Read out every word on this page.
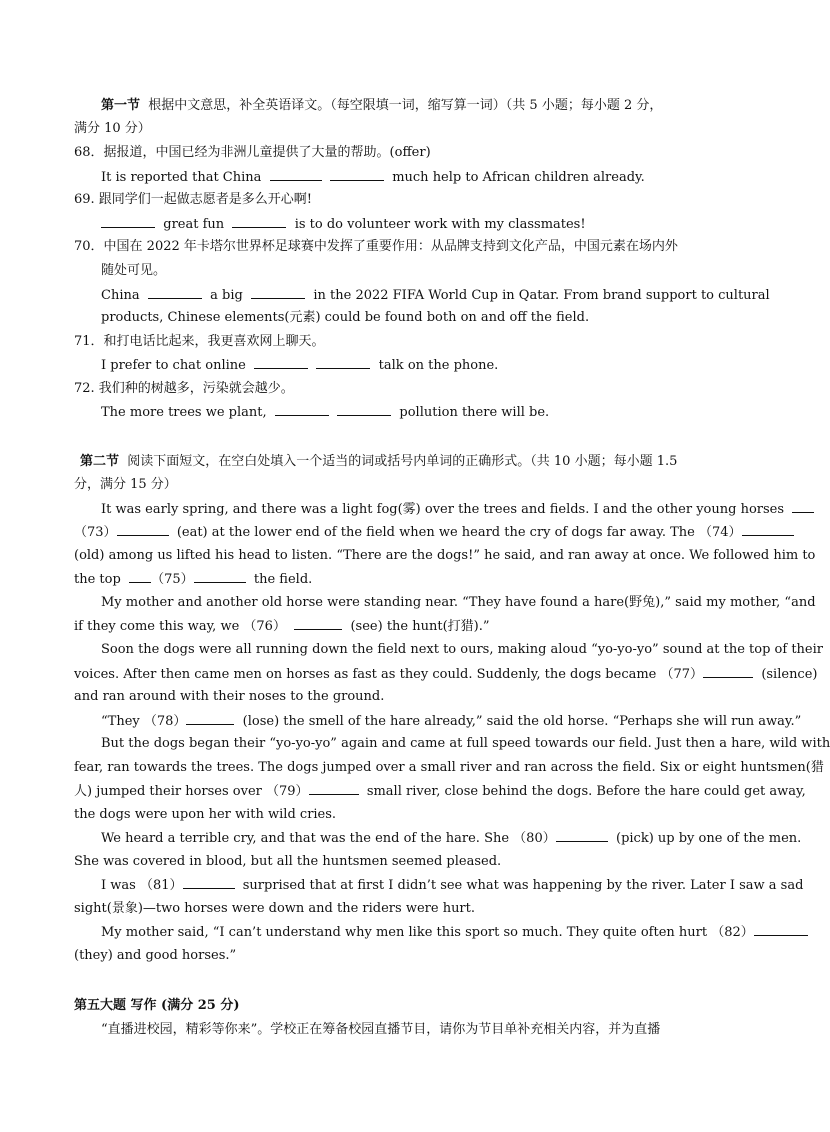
第一节 根据中文意思，补全英语译文。（每空限填一词，缩写算一词）（共 5 小题；每小题 2 分，

满分 10 分）

68．据报道，中国已经为非洲儿童提供了大量的帮助。(offer)

It is reported that China	much help to African children already.

69. 跟同学们一起做志愿者是多么开心啊!

great fun	is to do volunteer work with my classmates!

70．中国在 2022 年卡塔尔世界杯足球赛中发挥了重要作用：从品牌支持到文化产品，中国元素在场内外

随处可见。

China	a big	in the 2022 FIFA World Cup in Qatar. From brand support to cultural

products, Chinese elements(元素) could be found both on and off the field.

71．和打电话比起来，我更喜欢网上聊天。

I prefer to chat online	talk on the phone.

72. 我们种的树越多，污染就会越少。

The more trees we plant,	pollution there will be.

第二节 阅读下面短文，在空白处填入一个适当的词或括号内单词的正确形式。（共 10 小题；每小题 1.5

分，满分 15 分）

It was early spring, and there was a light fog(雾) over the trees and fields. I and the other young horses

（73）	(eat) at the lower end of the field when we heard the cry of dogs far away. The （74）

(old) among us lifted his head to listen. “There are the dogs!” he said, and ran away at once. We followed him to

the top （75）	the field.

My mother and another old horse were standing near. “They have found a hare(野兔),” said my mother, “and

if they come this way, we （76）	(see) the hunt(打猎).”

Soon the dogs were all running down the field next to ours, making aloud “yo-yo-yo” sound at the top of their

voices. After then came men on horses as fast as they could. Suddenly, the dogs became （77）	(silence)

and ran around with their noses to the ground.

“They （78）	(lose) the smell of the hare already,” said the old horse. “Perhaps she will run away.”

But the dogs began their “yo-yo-yo” again and came at full speed towards our field. Just then a hare, wild with

fear, ran towards the trees. The dogs jumped over a small river and ran across the field. Six or eight huntsmen(猎

人) jumped their horses over （79）	small river, close behind the dogs. Before the hare could get away,

the dogs were upon her with wild cries.

We heard a terrible cry, and that was the end of the hare. She （80）	(pick) up by one of the men.

She was covered in blood, but all the huntsmen seemed pleased.

I was （81）	surprised that at first I didn’t see what was happening by the river. Later I saw a sad

sight(景象)—two horses were down and the riders were hurt.

My mother said, “I can’t understand why men like this sport so much. They quite often hurt （82）

(they) and good horses.”

第五大题 写作 (满分 25 分)

“直播进校园，精彩等你来”。学校正在筹备校园直播节目，请你为节目单补充相关内容，并为直播
